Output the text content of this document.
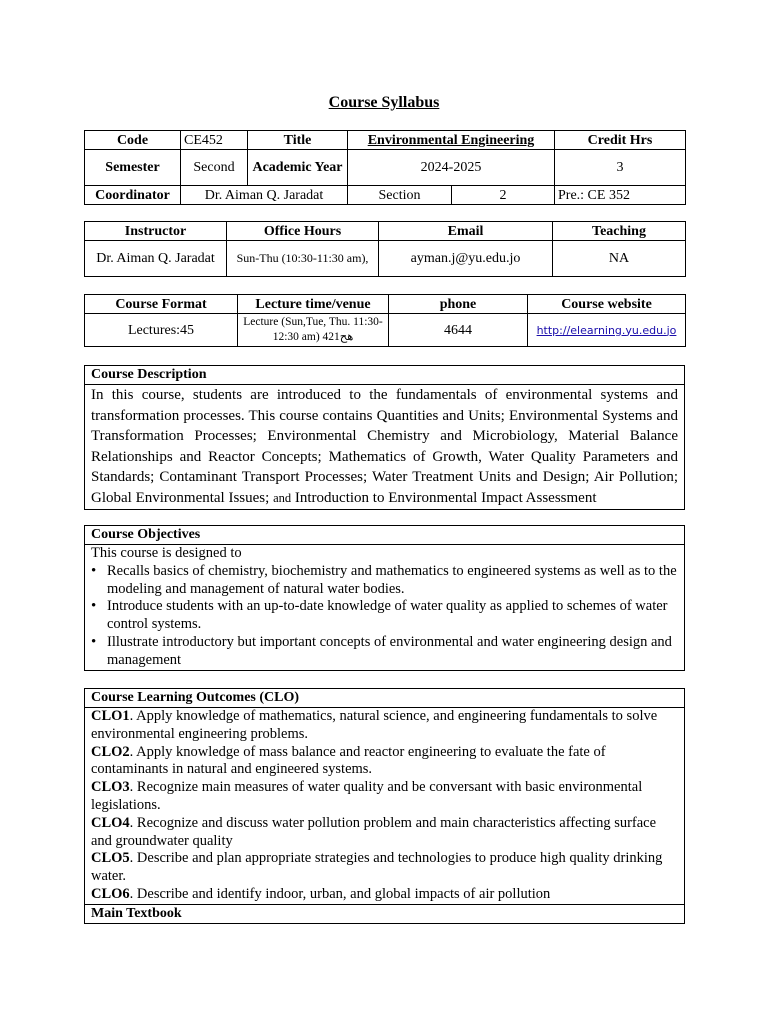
Course Syllabus
Code	CE452	Title	Environmental Engineering		Credit Hrs
Semester	Second	Academic Year	2024-2025		3
Coordinator	Dr. Aiman Q. Jaradat		Section	2	Pre.: CE 352
Instructor	Office Hours	Email	Teaching
Dr. Aiman Q. Jaradat	Sun-Thu (10:30-11:30 am),	ayman.j@yu.edu.jo	NA
Course Format	Lecture time/venue	phone	Course website
Lectures:45	Lecture (Sun,Tue, Thu. 11:30-12:30 am) 421هح	4644	http://elearning.yu.edu.jo
Course Description
In this course, students are introduced to the fundamentals of environmental systems and transformation processes. This course contains Quantities and Units; Environmental Systems and Transformation Processes; Environmental Chemistry and Microbiology, Material Balance Relationships and Reactor Concepts; Mathematics of Growth, Water Quality Parameters and Standards; Contaminant Transport Processes; Water Treatment Units and Design; Air Pollution; Global Environmental Issues; and Introduction to Environmental Impact Assessment
Course Objectives
This course is designed to
• Recalls basics of chemistry, biochemistry and mathematics to engineered systems as well as to the modeling and management of natural water bodies.
• Introduce students with an up-to-date knowledge of water quality as applied to schemes of water control systems.
• Illustrate introductory but important concepts of environmental and water engineering design and management
Course Learning Outcomes (CLO)
CLO1. Apply knowledge of mathematics, natural science, and engineering fundamentals to solve environmental engineering problems.
CLO2. Apply knowledge of mass balance and reactor engineering to evaluate the fate of contaminants in natural and engineered systems.
CLO3. Recognize main measures of water quality and be conversant with basic environmental legislations.
CLO4. Recognize and discuss water pollution problem and main characteristics affecting surface and groundwater quality
CLO5. Describe and plan appropriate strategies and technologies to produce high quality drinking water.
CLO6. Describe and identify indoor, urban, and global impacts of air pollution
Main Textbook
